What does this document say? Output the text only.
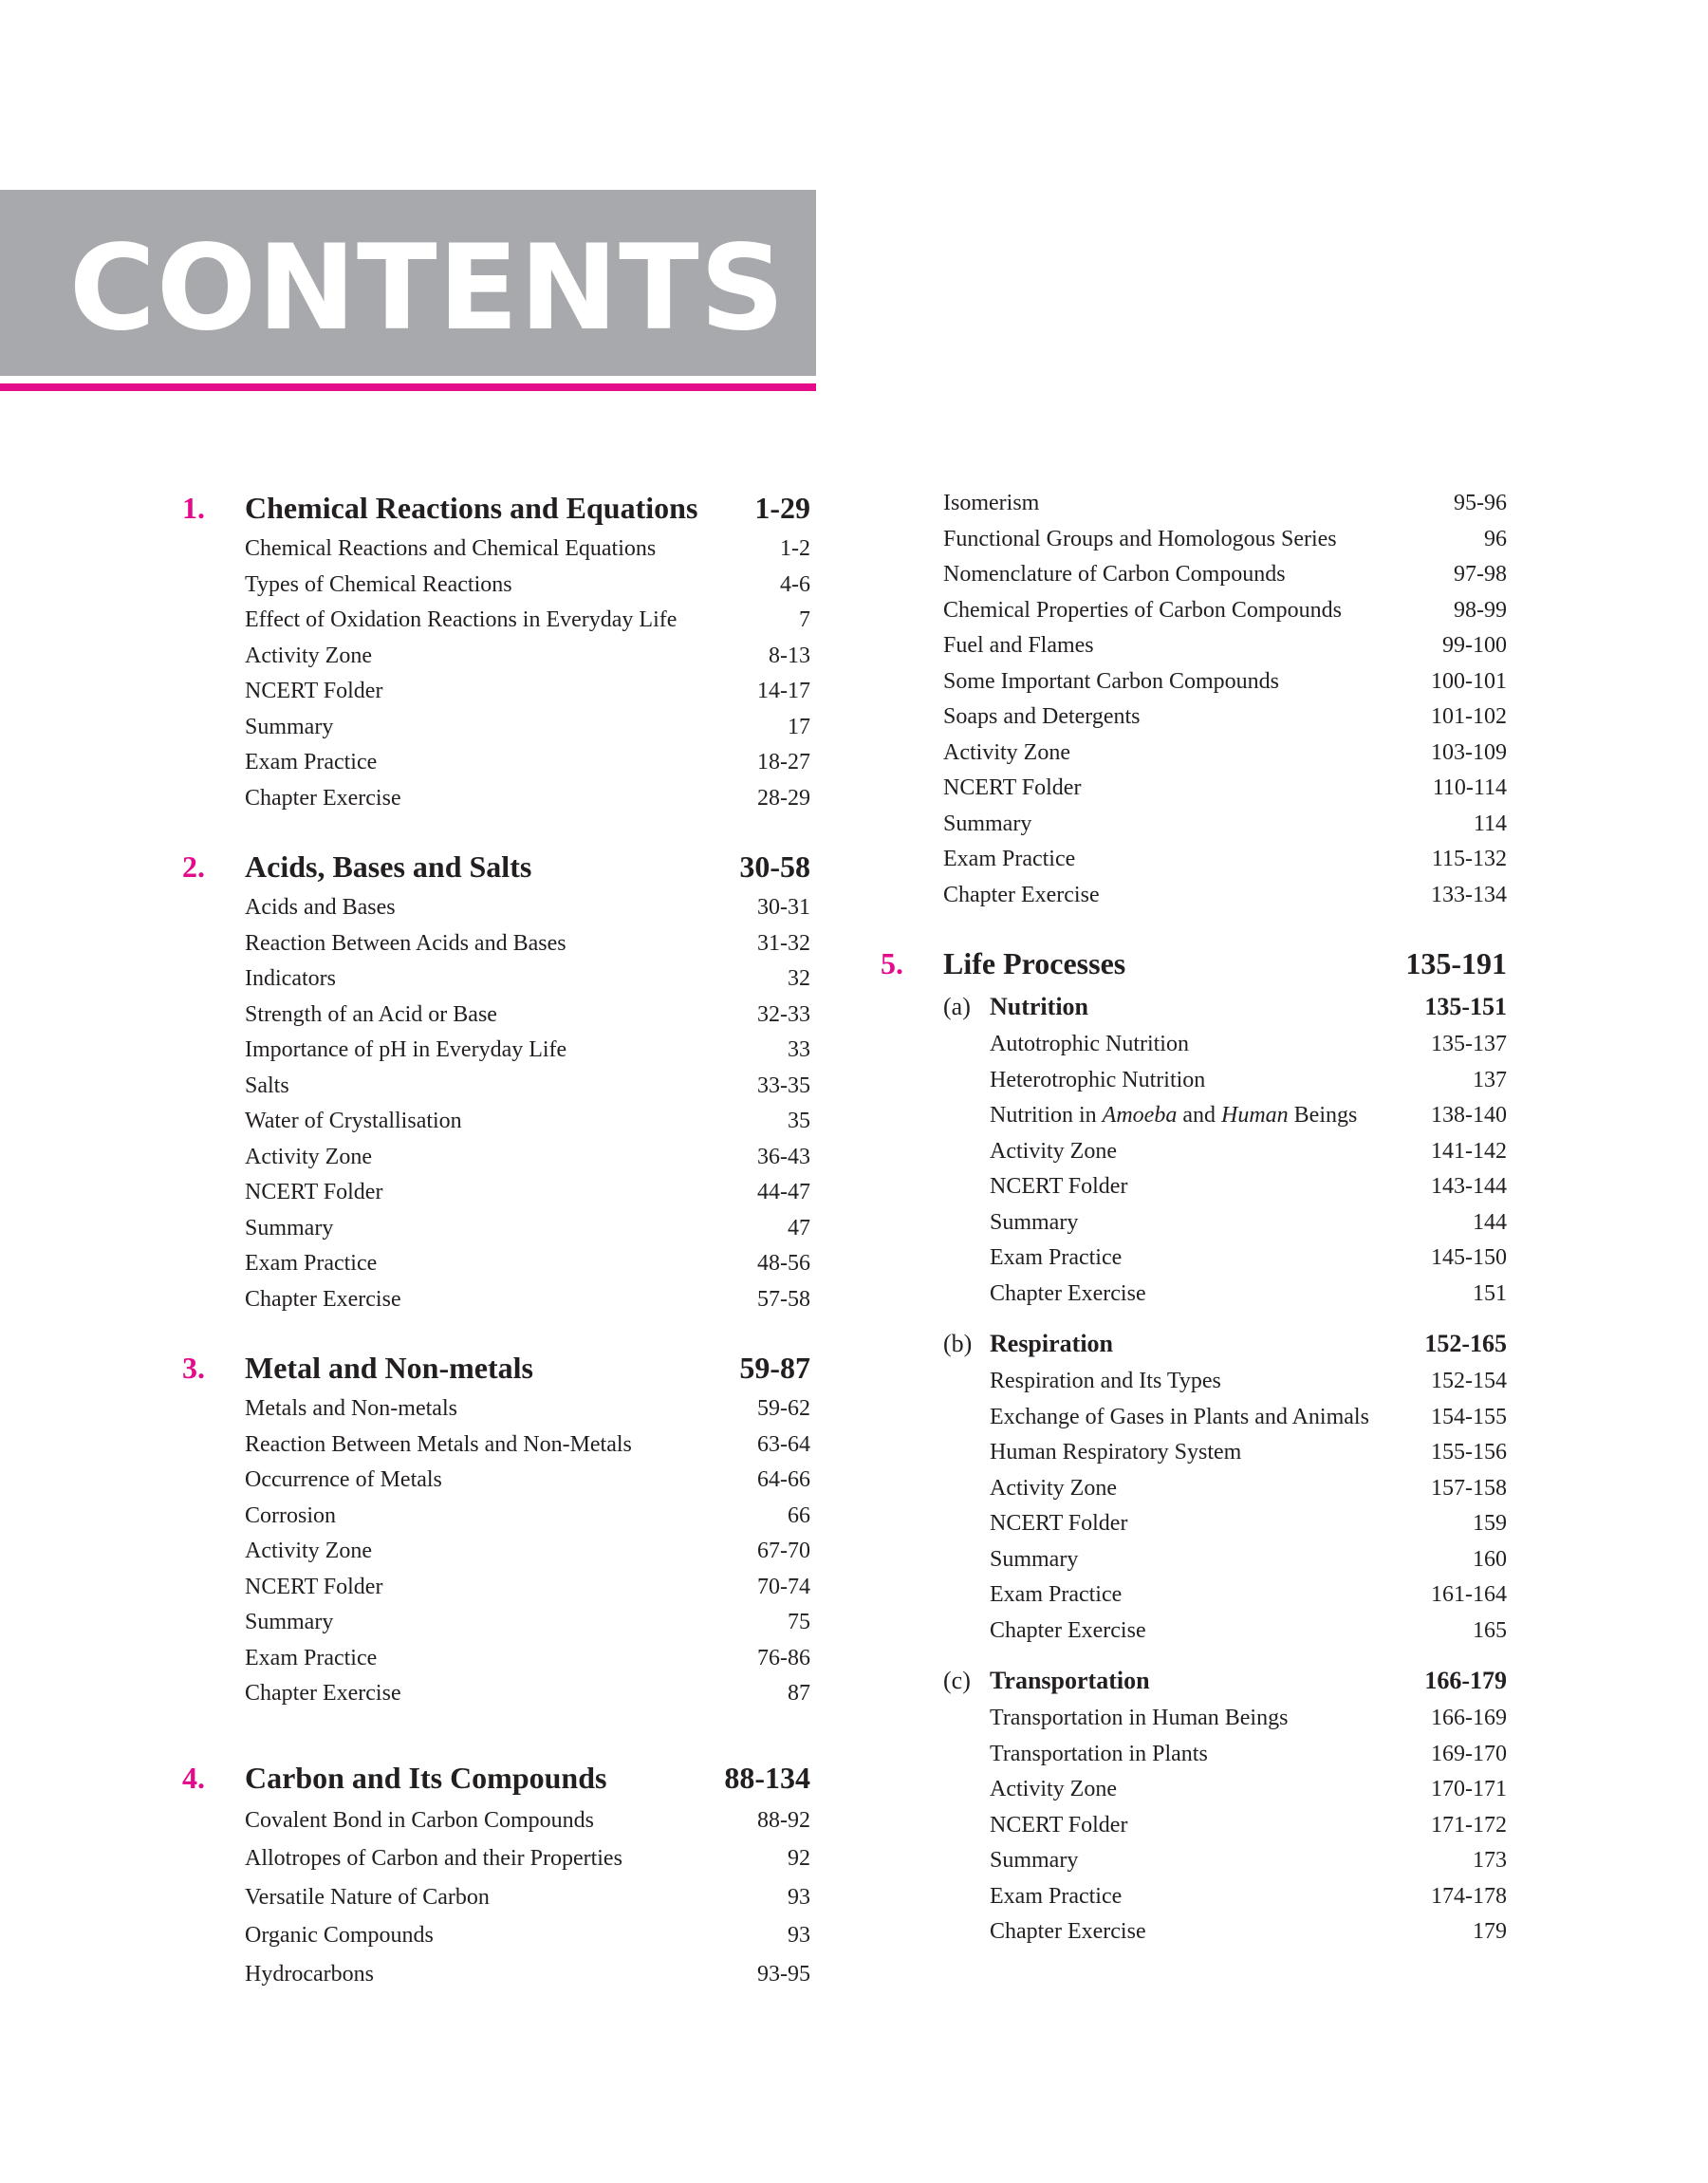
CONTENTS
1.	Chemical Reactions and Equations	1-29
Chemical Reactions and Chemical Equations	1-2
Types of Chemical Reactions	4-6
Effect of Oxidation Reactions in Everyday Life	7
Activity Zone	8-13
NCERT Folder	14-17
Summary	17
Exam Practice	18-27
Chapter Exercise	28-29
2.	Acids, Bases and Salts	30-58
Acids and Bases	30-31
Reaction Between Acids and Bases	31-32
Indicators	32
Strength of an Acid or Base	32-33
Importance of pH in Everyday Life	33
Salts	33-35
Water of Crystallisation	35
Activity Zone	36-43
NCERT Folder	44-47
Summary	47
Exam Practice	48-56
Chapter Exercise	57-58
3.	Metal and Non-metals	59-87
Metals and Non-metals	59-62
Reaction Between Metals and Non-Metals	63-64
Occurrence of Metals	64-66
Corrosion	66
Activity Zone	67-70
NCERT Folder	70-74
Summary	75
Exam Practice	76-86
Chapter Exercise	87
4.	Carbon and Its Compounds	88-134
Covalent Bond in Carbon Compounds	88-92
Allotropes of Carbon and their Properties	92
Versatile Nature of Carbon	93
Organic Compounds	93
Hydrocarbons	93-95
Isomerism	95-96
Functional Groups and Homologous Series	96
Nomenclature of Carbon Compounds	97-98
Chemical Properties of Carbon Compounds	98-99
Fuel and Flames	99-100
Some Important Carbon Compounds	100-101
Soaps and Detergents	101-102
Activity Zone	103-109
NCERT Folder	110-114
Summary	114
Exam Practice	115-132
Chapter Exercise	133-134
5.	Life Processes	135-191
(a) Nutrition	135-151
Autotrophic Nutrition	135-137
Heterotrophic Nutrition	137
Nutrition in Amoeba and Human Beings	138-140
Activity Zone	141-142
NCERT Folder	143-144
Summary	144
Exam Practice	145-150
Chapter Exercise	151
(b) Respiration	152-165
Respiration and Its Types	152-154
Exchange of Gases in Plants and Animals	154-155
Human Respiratory System	155-156
Activity Zone	157-158
NCERT Folder	159
Summary	160
Exam Practice	161-164
Chapter Exercise	165
(c) Transportation	166-179
Transportation in Human Beings	166-169
Transportation in Plants	169-170
Activity Zone	170-171
NCERT Folder	171-172
Summary	173
Exam Practice	174-178
Chapter Exercise	179
